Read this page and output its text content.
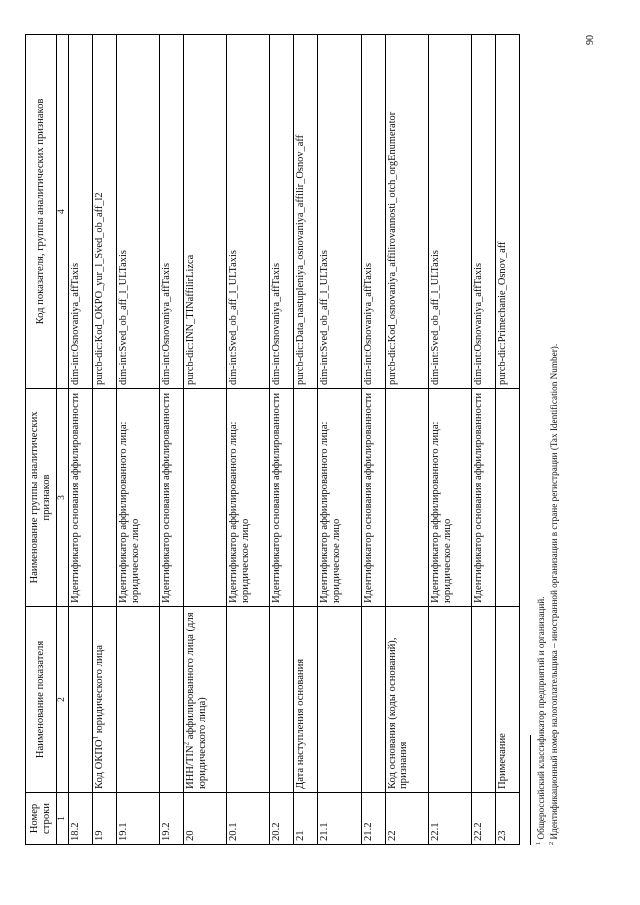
Номер строки	Наименование показателя	Наименование группы аналитических признаков	Код показателя, группы аналитических признаков
1	2	3	4
18.2		Идентификатор основания аффилированности	dim-int:Osnovaniya_affTaxis
19	Код ОКПО$^1$ юридического лица		purcb-dic:Kod_OKPO_yur_l_Sved_ob_aff_l2
19.1		Идентификатор аффилированного лица: юридическое лицо	dim-int:Sved_ob_aff_l_ULTaxis
19.2		Идентификатор основания аффилированности	dim-int:Osnovaniya_affTaxis
20	ИНН/TIN$^2$ аффилированного лица (для юридического лица)		purcb-dic:INN_TINaffilirLizca
20.1		Идентификатор аффилированного лица: юридическое лицо	dim-int:Sved_ob_aff_l_ULTaxis
20.2		Идентификатор основания аффилированности	dim-int:Osnovaniya_affTaxis
21	Дата наступления основания		purcb-dic:Data_nastupleniya_osnovaniya_affilir_Osnov_aff
21.1		Идентификатор аффилированного лица: юридическое лицо	dim-int:Sved_ob_aff_l_ULTaxis
21.2		Идентификатор основания аффилированности	dim-int:Osnovaniya_affTaxis
22	Код основания (коды оснований), признания		purcb-dic:Kod_osnovaniya_affilirovannosti_otch_orgEnumerator
22.1		Идентификатор аффилированного лица: юридическое лицо	dim-int:Sved_ob_aff_l_ULTaxis
22.2		Идентификатор основания аффилированности	dim-int:Osnovaniya_affTaxis
23	Примечание		purcb-dic:Primechanie_Osnov_aff
$^1$ Общероссийский классификатор предприятий и организаций.
$^2$ Идентификационный номер налогоплательщика – иностранной организации в стране регистрации (Tax Identification Number).
90
